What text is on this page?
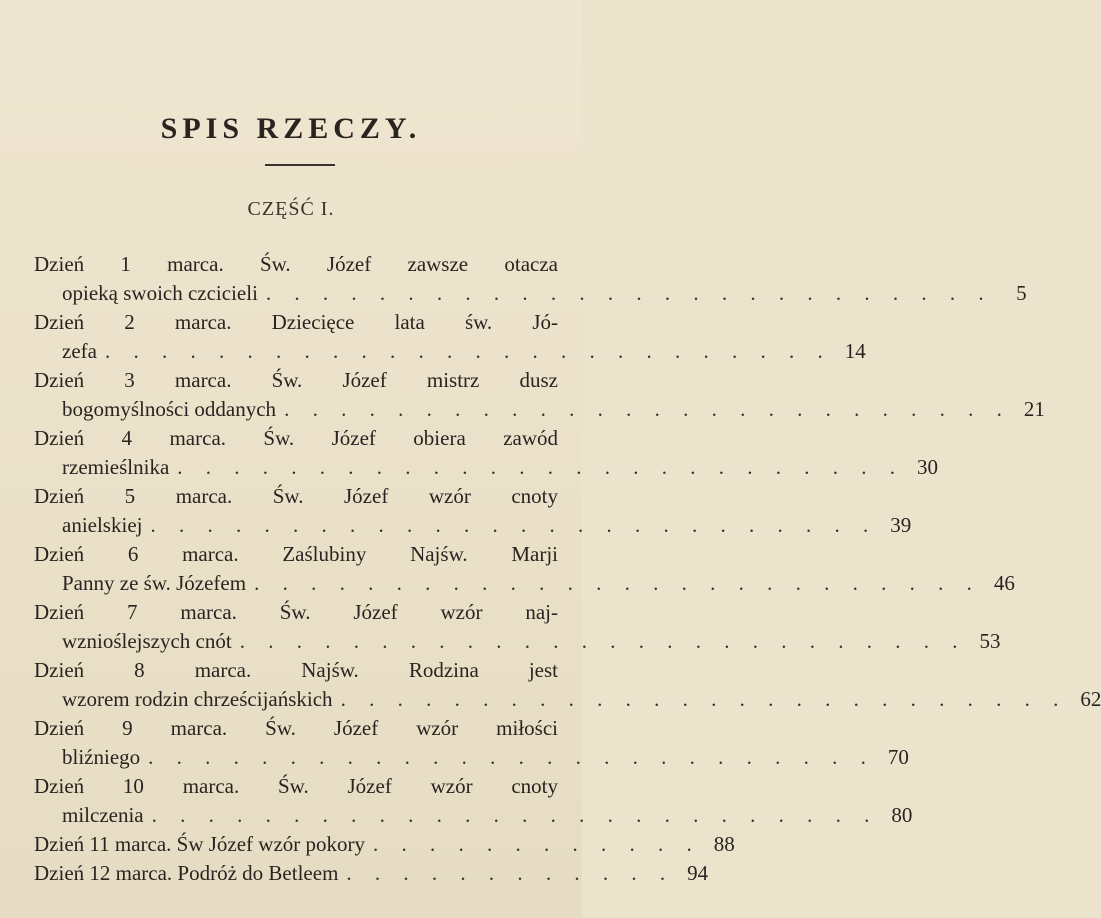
SPIS RZECZY.
CZĘŚĆ I.
Dzień 1 marca. Św. Józef zawsze otacza
opieką swoich czcicieli . . . . . . . . . . . . . . . . . . . . . . . . . .	5
Dzień 2 marca. Dziecięce lata św. Jó-
zefa . . . . . . . . . . . . . . . . . . . . . . . . . . 14
Dzień 3 marca. Św. Józef mistrz dusz
bogomyślności oddanych . . . . . . . . . . . . . . . . . . . . . . . . . . 21
Dzień 4 marca. Św. Józef obiera zawód
rzemieślnika . . . . . . . . . . . . . . . . . . . . . . . . . . 30
Dzień 5 marca. Św. Józef wzór cnoty
anielskiej . . . . . . . . . . . . . . . . . . . . . . . . . . 39
Dzień 6 marca. Zaślubiny Najśw. Marji
Panny ze św. Józefem . . . . . . . . . . . . . . . . . . . . . . . . . . 46
Dzień 7 marca. Św. Józef wzór naj-
wznioślejszych cnót . . . . . . . . . . . . . . . . . . . . . . . . . . 53
Dzień 8 marca. Najśw. Rodzina jest
wzorem rodzin chrześcijańskich . . . . . . . . . . . . . . . . . . . . . . . . . . 62
Dzień 9 marca. Św. Józef wzór miłości
bliźniego . . . . . . . . . . . . . . . . . . . . . . . . . . 70
Dzień 10 marca. Św. Józef wzór cnoty
milczenia . . . . . . . . . . . . . . . . . . . . . . . . . . 80
Dzień 11 marca. Św Józef wzór pokory . . . . . . . . . . . . 88
Dzień 12 marca. Podróż do Betleem . . . . . . . . . . . . 94
